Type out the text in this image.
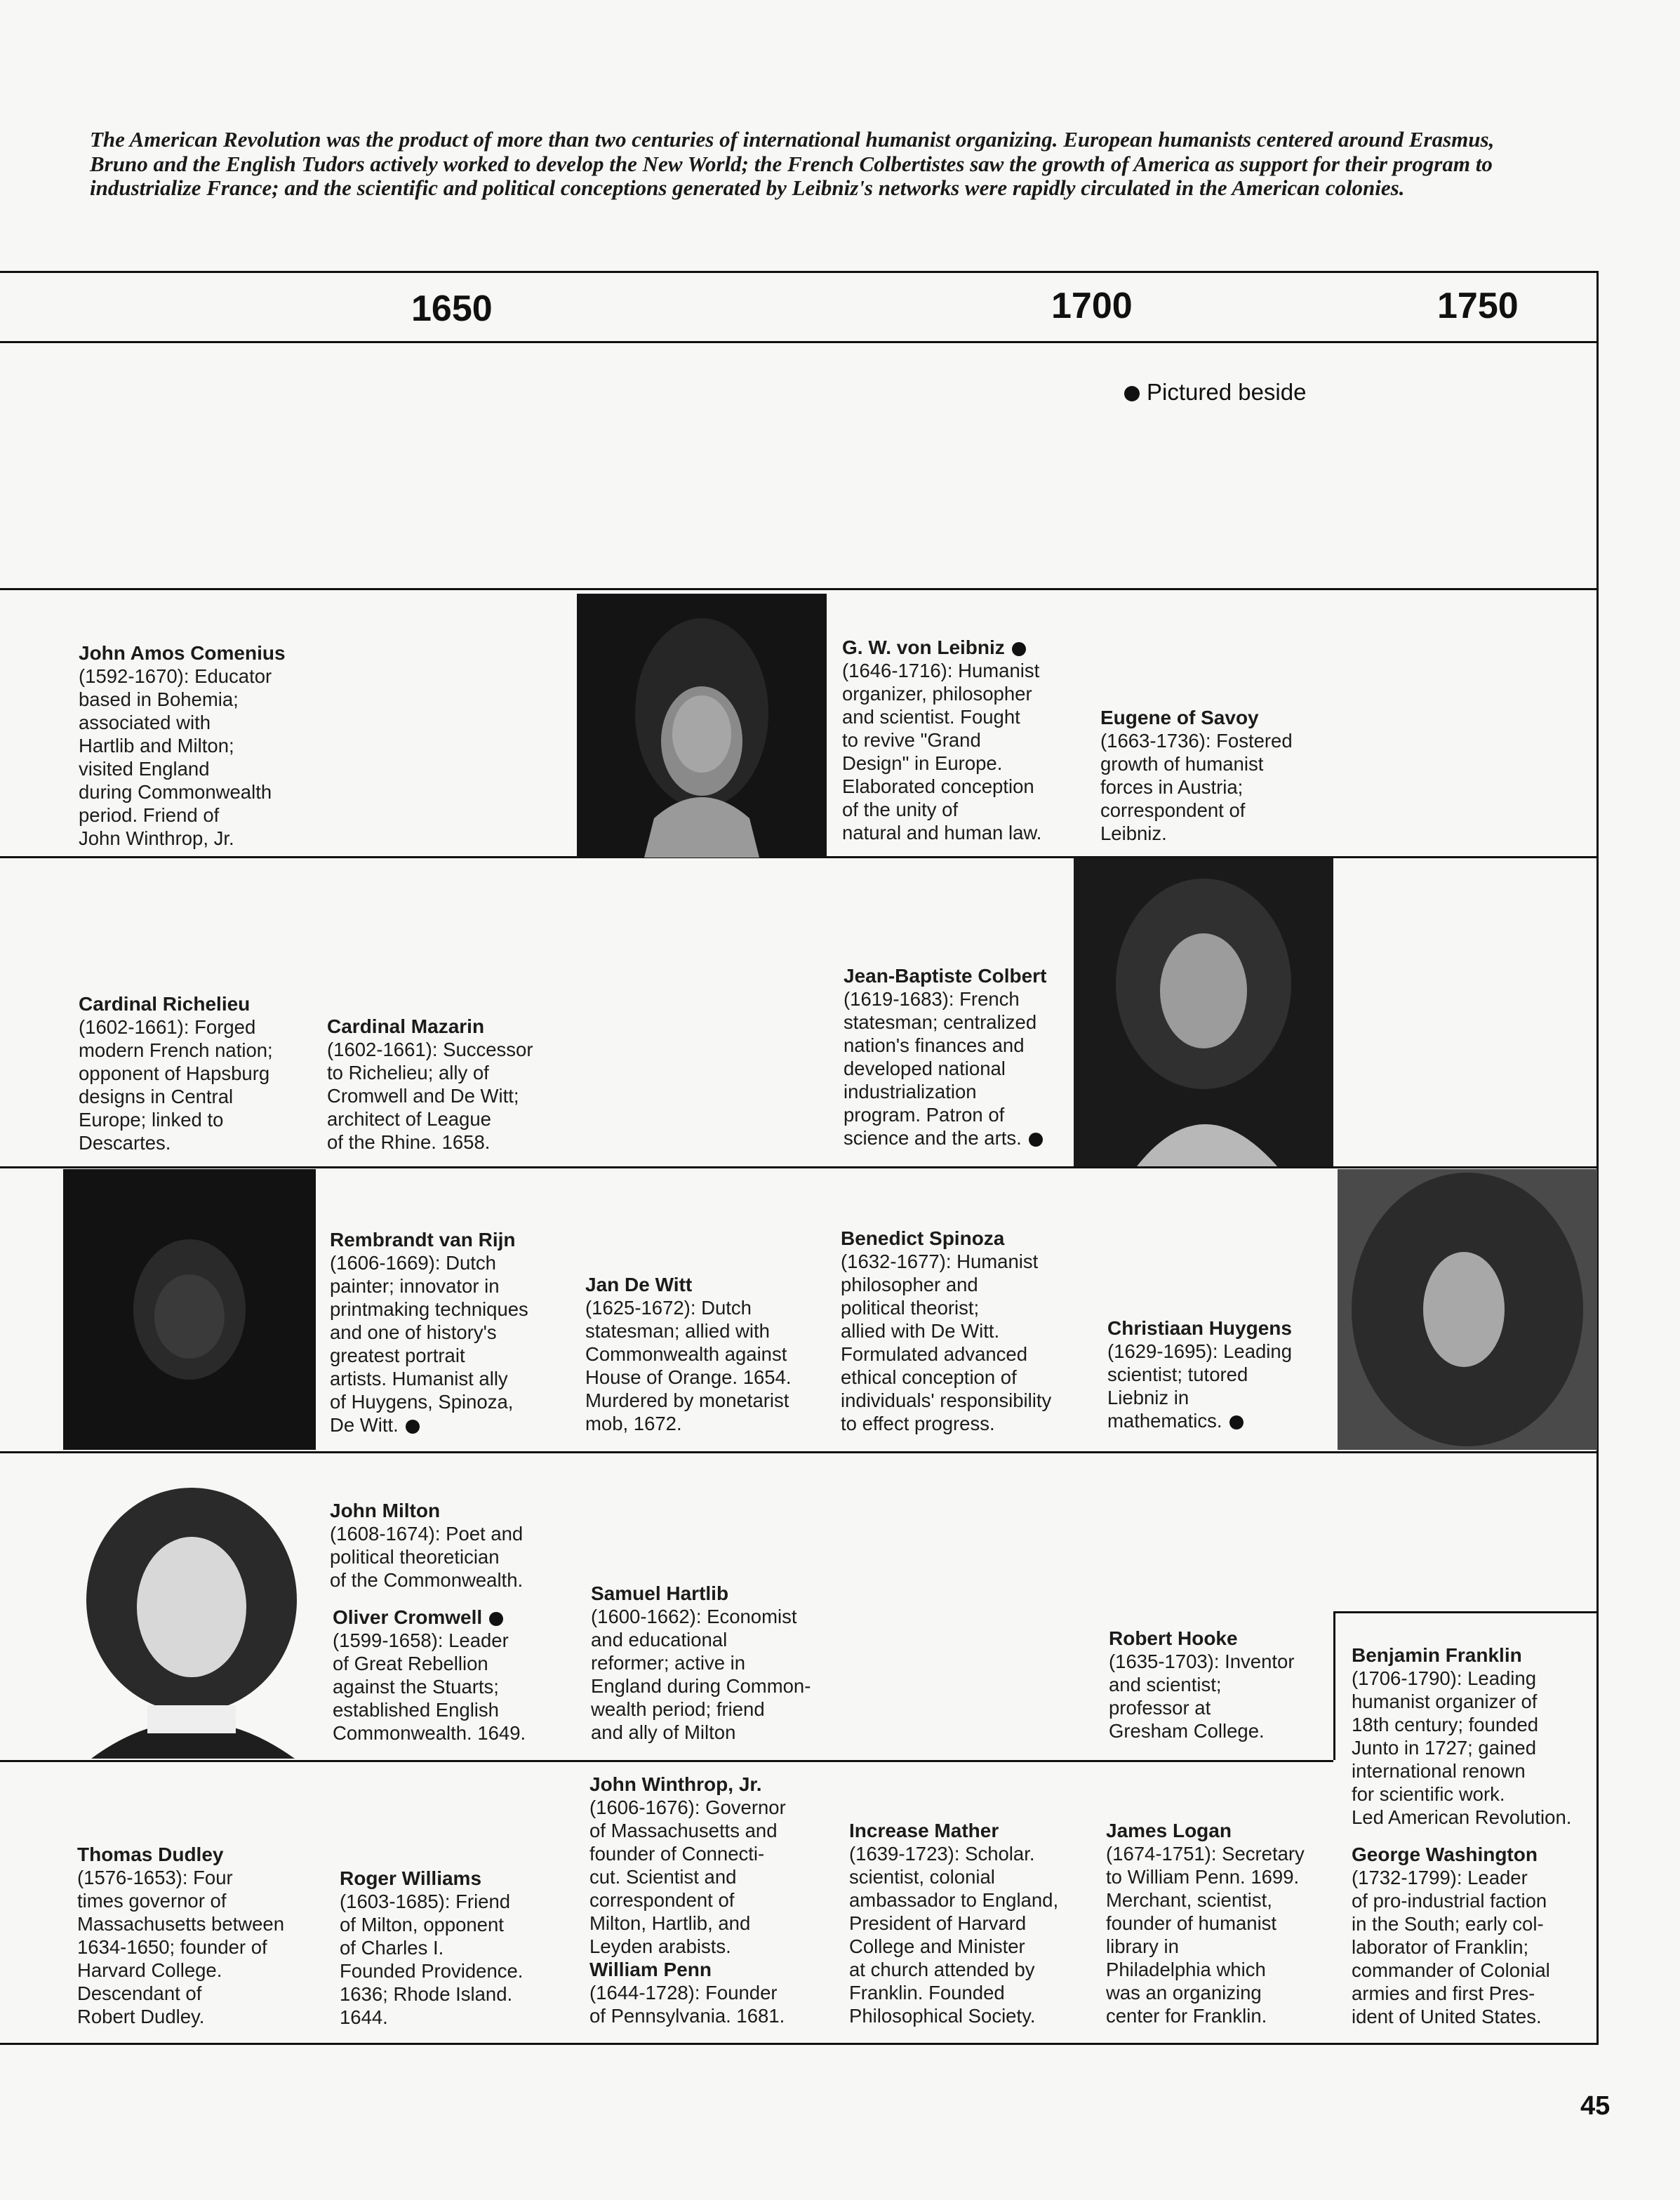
The American Revolution was the product of more than two centuries of international humanist organizing. European humanists centered around Erasmus, Bruno and the English Tudors actively worked to develop the New World; the French Colbertistes saw the growth of America as support for their program to industrialize France; and the scientific and political conceptions generated by Leibniz's networks were rapidly circulated in the American colonies.
1650	1700	1750
Pictured beside
John Amos Comenius
(1592-1670): Educator
based in Bohemia;
associated with
Hartlib and Milton;
visited England
during Commonwealth
period. Friend of
John Winthrop, Jr.
G. W. von Leibniz
(1646-1716): Humanist
organizer, philosopher
and scientist. Fought
to revive "Grand
Design" in Europe.
Elaborated conception
of the unity of
natural and human law.
Eugene of Savoy
(1663-1736): Fostered
growth of humanist
forces in Austria;
correspondent of
Leibniz.
Cardinal Richelieu
(1602-1661): Forged
modern French nation;
opponent of Hapsburg
designs in Central
Europe; linked to
Descartes.
Cardinal Mazarin
(1602-1661): Successor
to Richelieu; ally of
Cromwell and De Witt;
architect of League
of the Rhine. 1658.
Jean-Baptiste Colbert
(1619-1683): French
statesman; centralized
nation's finances and
developed national
industrialization
program. Patron of
science and the arts.
Rembrandt van Rijn
(1606-1669): Dutch
painter; innovator in
printmaking techniques
and one of history's
greatest portrait
artists. Humanist ally
of Huygens, Spinoza,
De Witt.
Jan De Witt
(1625-1672): Dutch
statesman; allied with
Commonwealth against
House of Orange. 1654.
Murdered by monetarist
mob, 1672.
Benedict Spinoza
(1632-1677): Humanist
philosopher and
political theorist;
allied with De Witt.
Formulated advanced
ethical conception of
individuals' responsibility
to effect progress.
Christiaan Huygens
(1629-1695): Leading
scientist; tutored
Liebniz in
mathematics.
John Milton
(1608-1674): Poet and
political theoretician
of the Commonwealth.
Oliver Cromwell
(1599-1658): Leader
of Great Rebellion
against the Stuarts;
established English
Commonwealth. 1649.
Samuel Hartlib
(1600-1662): Economist
and educational
reformer; active in
England during Common-
wealth period; friend
and ally of Milton
Robert Hooke
(1635-1703): Inventor
and scientist;
professor at
Gresham College.
Benjamin Franklin
(1706-1790): Leading
humanist organizer of
18th century; founded
Junto in 1727; gained
international renown
for scientific work.
Led American Revolution.
Thomas Dudley
(1576-1653): Four
times governor of
Massachusetts between
1634-1650; founder of
Harvard College.
Descendant of
Robert Dudley.
Roger Williams
(1603-1685): Friend
of Milton, opponent
of Charles I.
Founded Providence.
1636; Rhode Island.
1644.
John Winthrop, Jr.
(1606-1676): Governor
of Massachusetts and
founder of Connecti-
cut. Scientist and
correspondent of
Milton, Hartlib, and
Leyden arabists.
William Penn
(1644-1728): Founder
of Pennsylvania. 1681.
Increase Mather
(1639-1723): Scholar.
scientist, colonial
ambassador to England,
President of Harvard
College and Minister
at church attended by
Franklin. Founded
Philosophical Society.
James Logan
(1674-1751): Secretary
to William Penn. 1699.
Merchant, scientist,
founder of humanist
library in
Philadelphia which
was an organizing
center for Franklin.
George Washington
(1732-1799): Leader
of pro-industrial faction
in the South; early col-
laborator of Franklin;
commander of Colonial
armies and first Pres-
ident of United States.
45
